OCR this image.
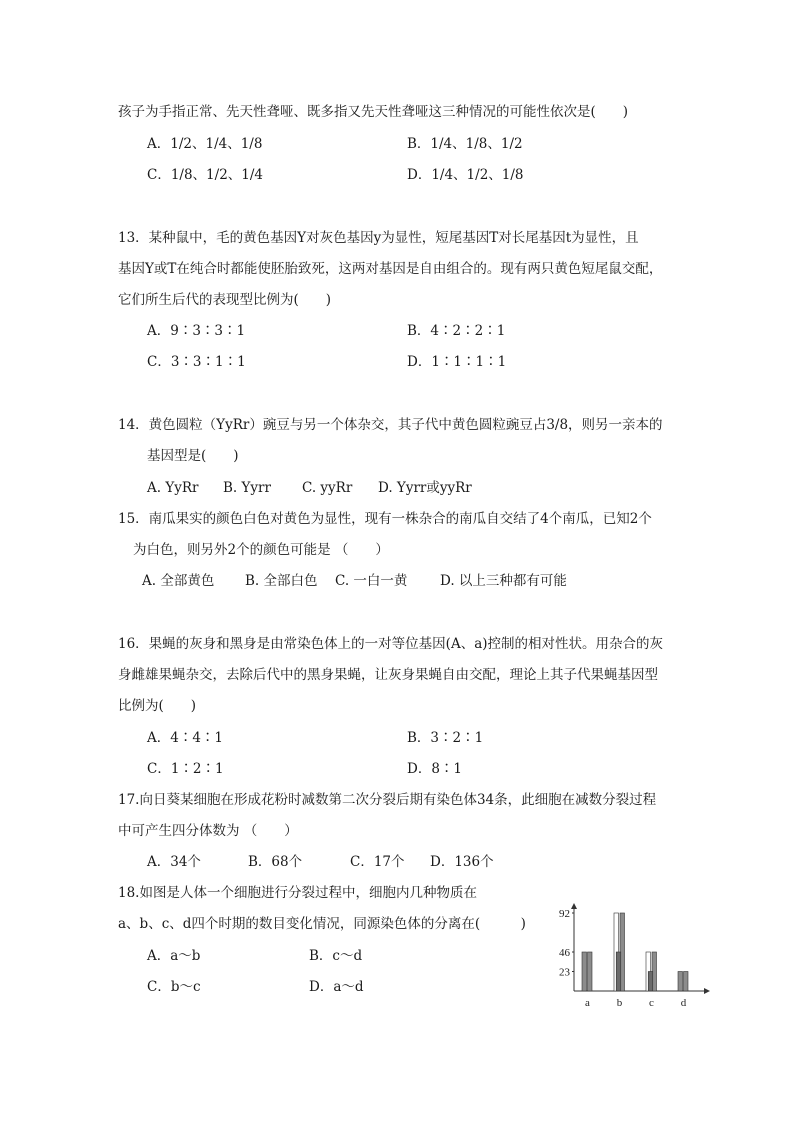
孩子为手指正常、先天性聋哑、既多指又先天性聋哑这三种情况的可能性依次是(　　)
A．1/2、1/4、1/8	B．1/4、1/8、1/2
C．1/8、1/2、1/4	D．1/4、1/2、1/8
13．某种鼠中，毛的黄色基因Y对灰色基因y为显性，短尾基因T对长尾基因t为显性，且
基因Y或T在纯合时都能使胚胎致死，这两对基因是自由组合的。现有两只黄色短尾鼠交配，
它们所生后代的表现型比例为(　　)
A．9∶3∶3∶1	B．4∶2∶2∶1
C．3∶3∶1∶1	D．1∶1∶1∶1
14．黄色圆粒（YyRr）豌豆与另一个体杂交，其子代中黄色圆粒豌豆占3/8，则另一亲本的
基因型是(　　)
A. YyRr B. Yyrr C. yyRr D. Yyrr或yyRr
15．南瓜果实的颜色白色对黄色为显性，现有一株杂合的南瓜自交结了4个南瓜，已知2个
为白色，则另外2个的颜色可能是 （　　）
A. 全部黄色 B. 全部白色 C. 一白一黄 D. 以上三种都有可能
16．果蝇的灰身和黑身是由常染色体上的一对等位基因(A、a)控制的相对性状。用杂合的灰
身雌雄果蝇杂交，去除后代中的黑身果蝇，让灰身果蝇自由交配，理论上其子代果蝇基因型
比例为(　　)
A．4∶4∶1	B．3∶2∶1
C．1∶2∶1	D．8∶1
17.向日葵某细胞在形成花粉时减数第二次分裂后期有染色体34条，此细胞在减数分裂过程
中可产生四分体数为 （　　）
A．34个	B．68个	C．17个 D．136个
18.如图是人体一个细胞进行分裂过程中，细胞内几种物质在
a、b、c、d四个时期的数目变化情况，同源染色体的分离在(　　　)
A．a～b	B．c～d
C．b～c	D．a～d
92
46
23
a b c d
